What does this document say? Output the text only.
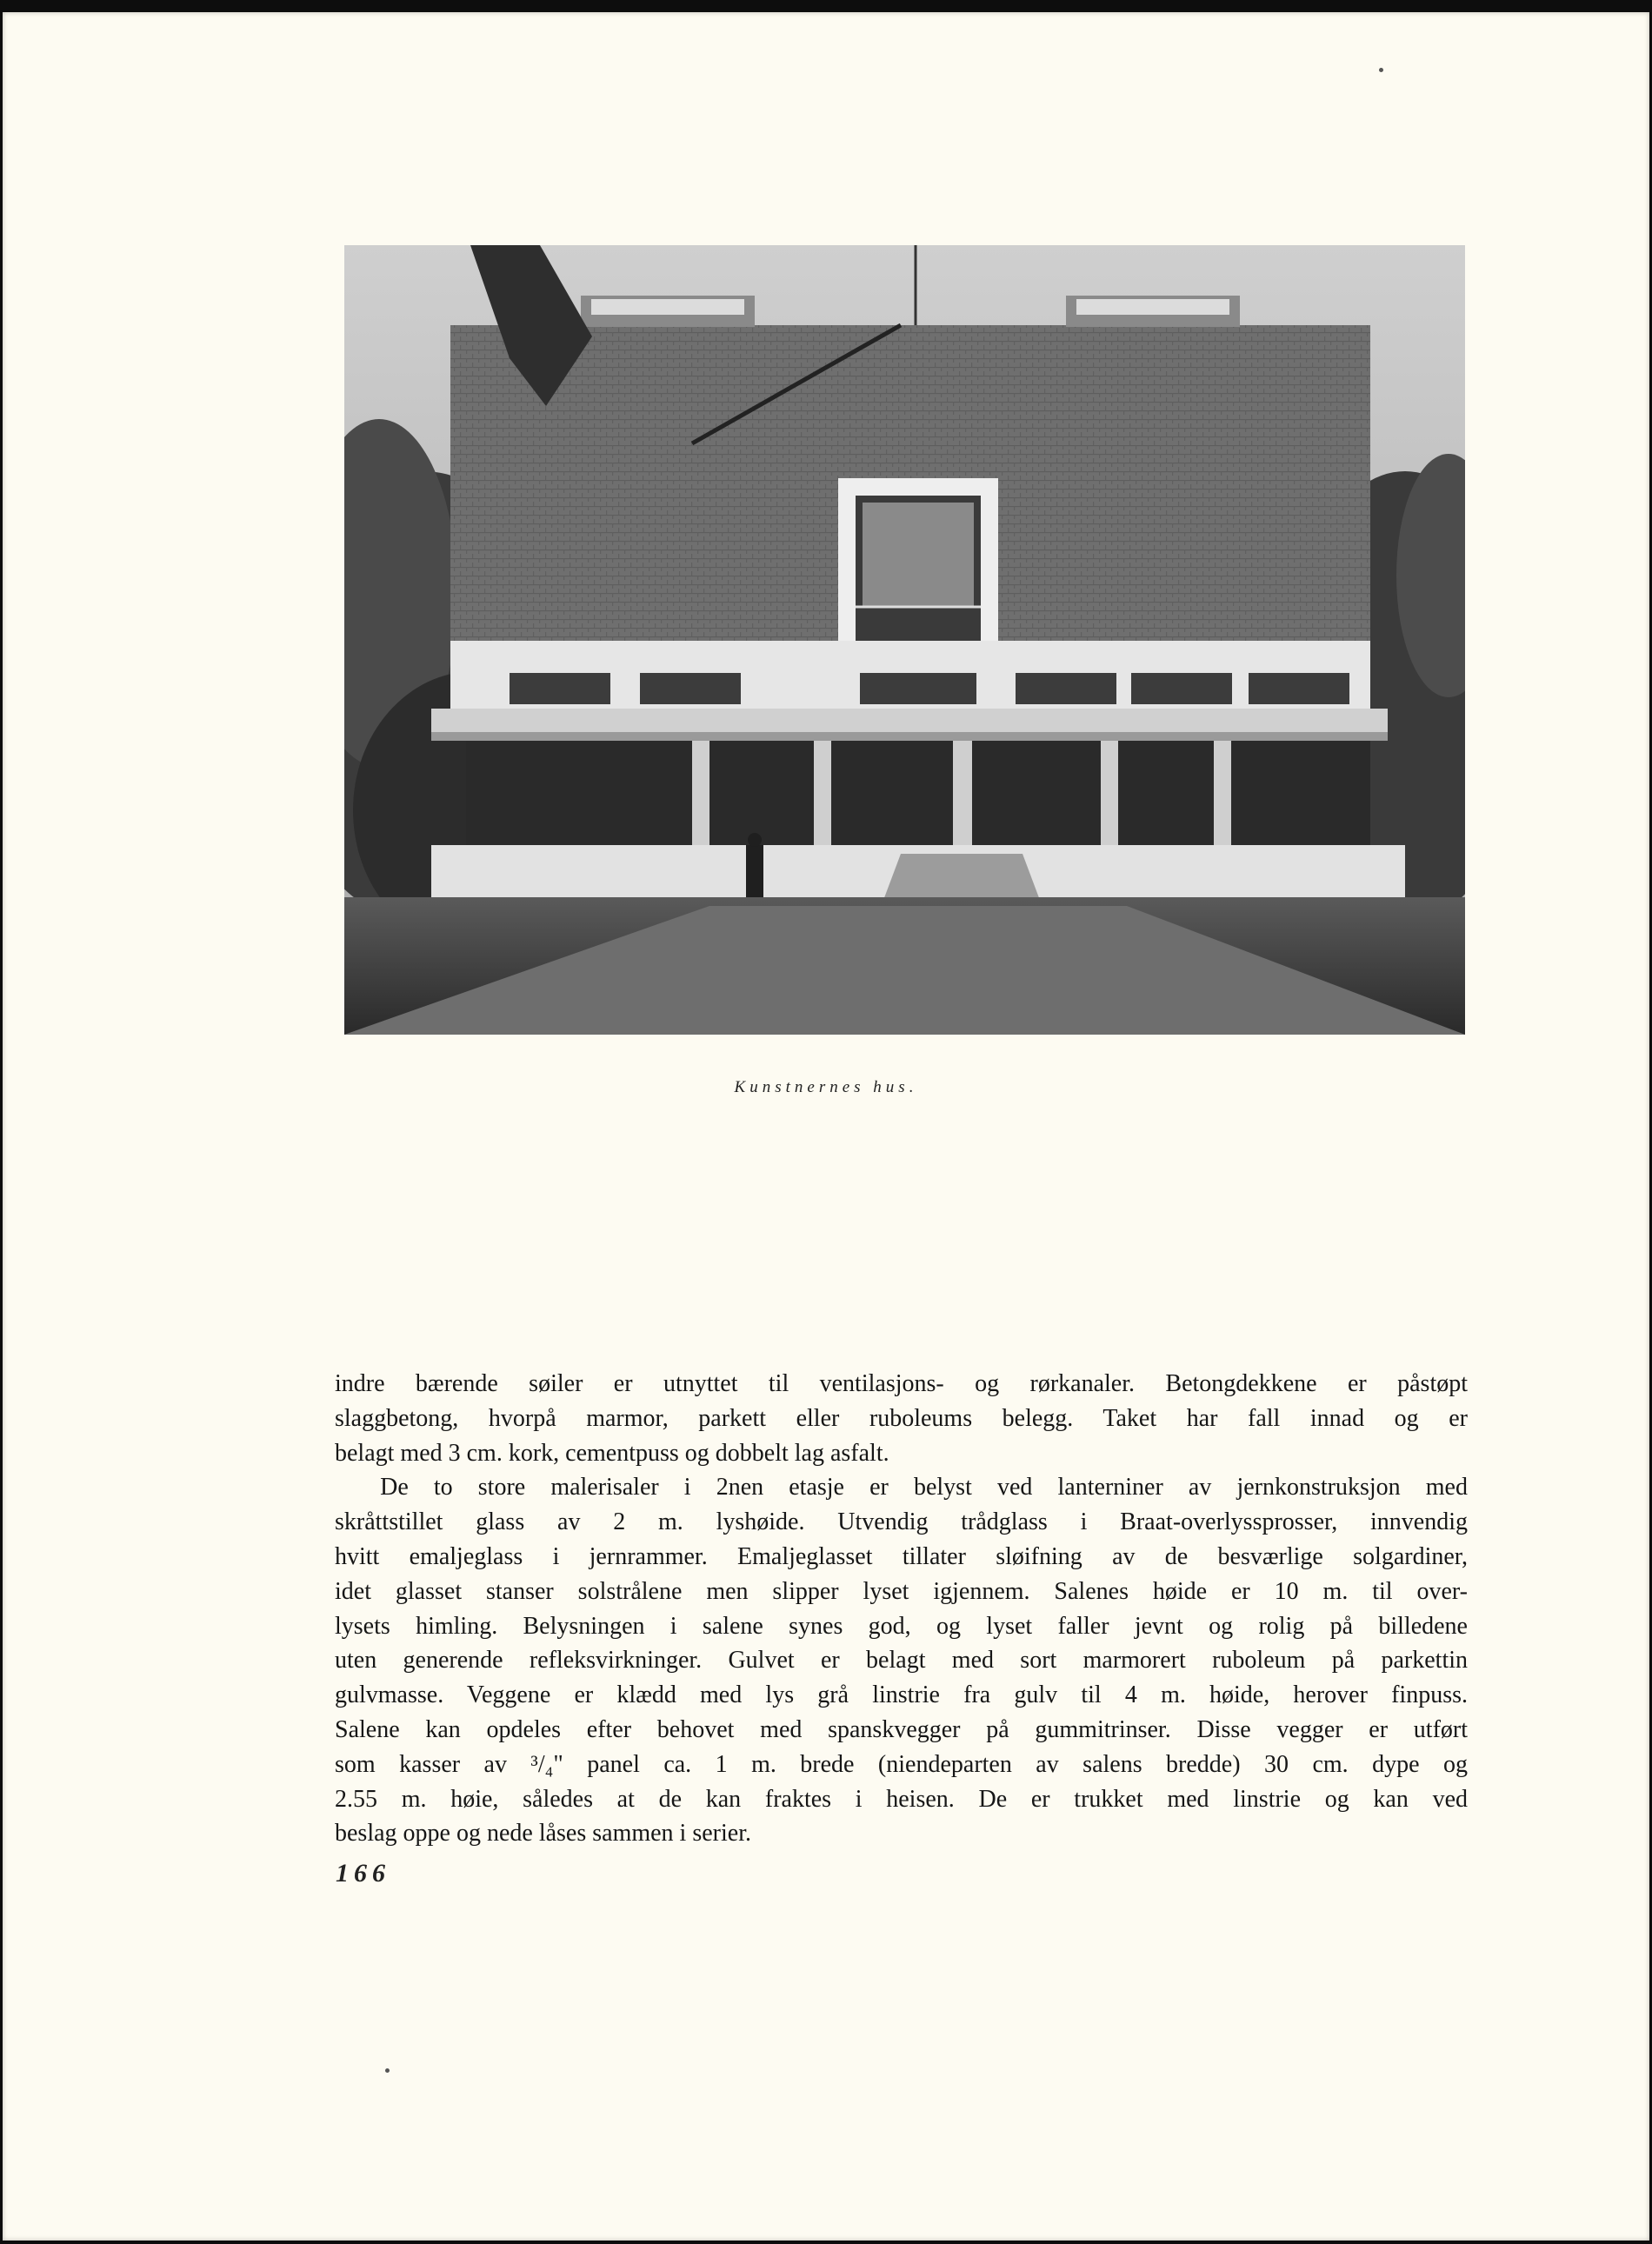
Kunstnernes hus.

indre bærende søiler er utnyttet til ventilasjons- og rørkanaler. Betongdekkene er påstøpt

slaggbetong, hvorpå marmor, parkett eller ruboleums belegg. Taket har fall innad og er

belagt med 3 cm. kork, cementpuss og dobbelt lag asfalt.

De to store malerisaler i 2nen etasje er belyst ved lanterniner av jernkonstruksjon med

skråttstillet glass av 2 m. lyshøide. Utvendig trådglass i Braat-overlyssprosser, innvendig

hvitt emaljeglass i jernrammer. Emaljeglasset tillater sløifning av de besværlige solgardiner,

idet glasset stanser solstrålene men slipper lyset igjennem. Salenes høide er 10 m. til over-

lysets himling. Belysningen i salene synes god, og lyset faller jevnt og rolig på billedene

uten generende refleksvirkninger. Gulvet er belagt med sort marmorert ruboleum på parkettin

gulvmasse. Veggene er klædd med lys grå linstrie fra gulv til 4 m. høide, herover finpuss.

Salene kan opdeles efter behovet med spanskvegger på gummitrinser. Disse vegger er utført

som kasser av ³/₄" panel ca. 1 m. brede (niendeparten av salens bredde) 30 cm. dype og

2.55 m. høie, således at de kan fraktes i heisen. De er trukket med linstrie og kan ved

beslag oppe og nede låses sammen i serier.

166
